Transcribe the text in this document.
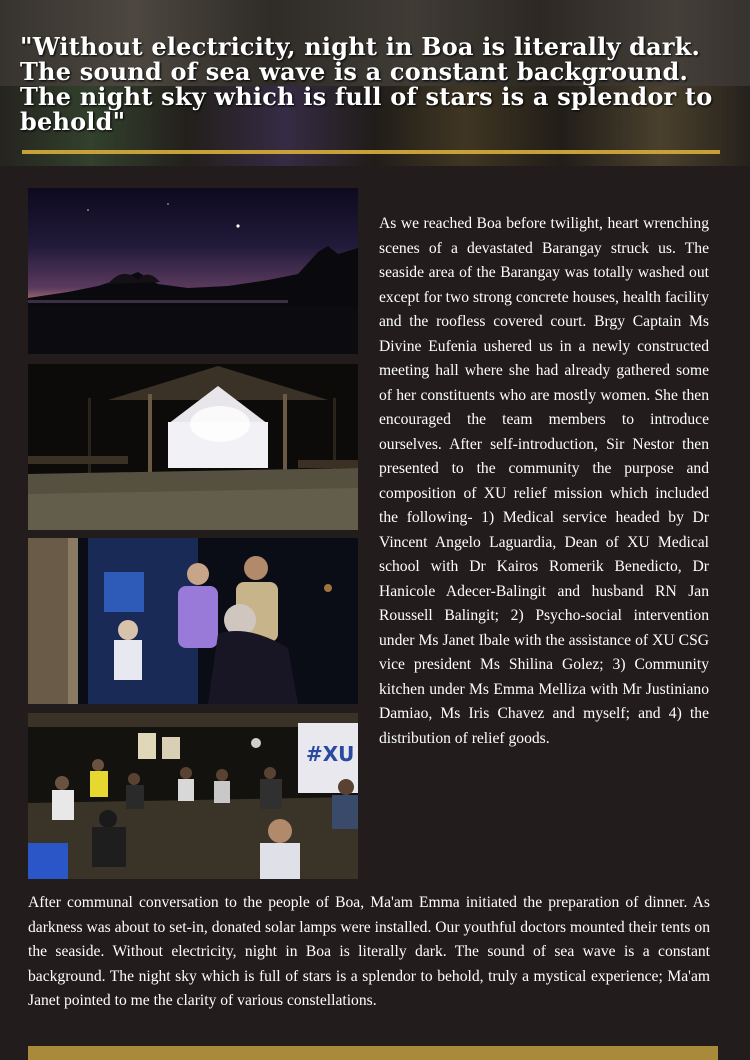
"Without electricity, night in Boa is literally dark. The sound of sea wave is a constant background. The night sky which is full of stars is a splendor to behold"
#XU

As we reached Boa before twilight, heart wrenching scenes of a devastated Barangay struck us. The seaside area of the Barangay was totally washed out except for two strong concrete houses, health facility and the roofless covered court. Brgy Captain Ms Divine Eufenia ushered us in a newly constructed meeting hall where she had already gathered some of her constituents who are mostly women. She then encouraged the team members to introduce ourselves. After self-introduction, Sir Nestor then presented to the community the purpose and composition of XU relief mission which included the following- 1) Medical service headed by Dr Vincent Angelo Laguardia, Dean of XU Medical school with Dr Kairos Romerik Benedicto, Dr Hanicole Adecer-Balingit and husband RN Jan Roussell Balingit; 2) Psycho-social intervention under Ms Janet Ibale with the assistance of XU CSG vice president Ms Shilina Golez; 3) Community kitchen under Ms Emma Melliza with Mr Justiniano Damiao, Ms Iris Chavez and myself; and 4) the distribution of relief goods.

After communal conversation to the people of Boa, Ma'am Emma initiated the preparation of dinner. As darkness was about to set-in, donated solar lamps were installed. Our youthful doctors mounted their tents on the seaside. Without electricity, night in Boa is literally dark. The sound of sea wave is a constant background. The night sky which is full of stars is a splendor to behold, truly a mystical experience; Ma'am Janet pointed to me the clarity of various constellations.
